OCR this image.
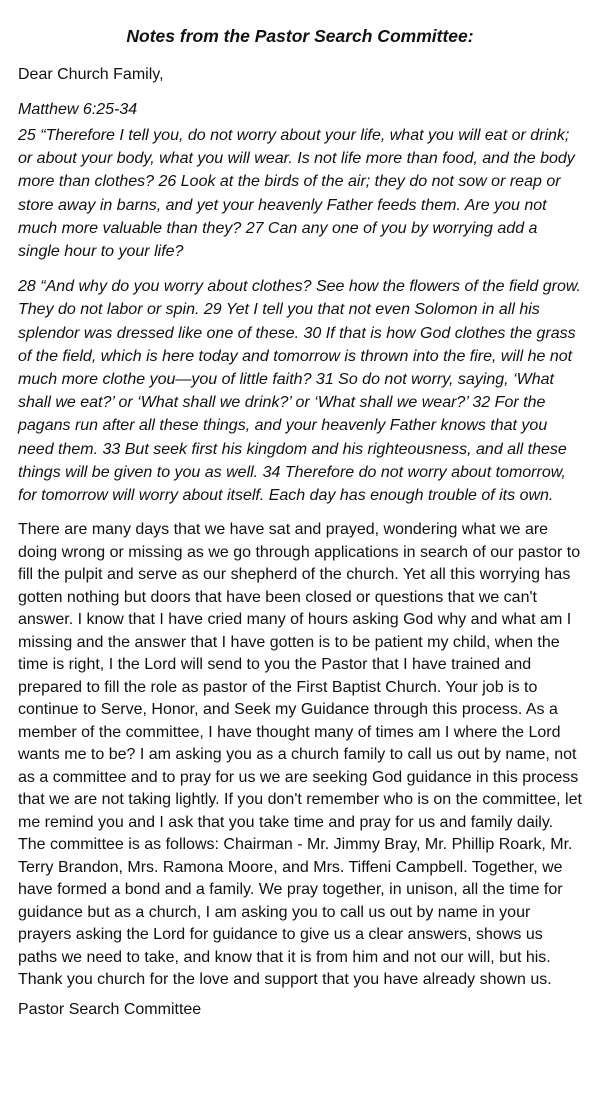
Notes from the Pastor Search Committee:

Dear Church Family,

Matthew 6:25-34

25 “Therefore I tell you, do not worry about your life, what you will eat or drink; or about your body, what you will wear. Is not life more than food, and the body more than clothes? 26 Look at the birds of the air; they do not sow or reap or store away in barns, and yet your heavenly Father feeds them. Are you not much more valuable than they? 27 Can any one of you by worrying add a single hour to your life?

28 “And why do you worry about clothes? See how the flowers of the field grow. They do not labor or spin. 29 Yet I tell you that not even Solomon in all his splendor was dressed like one of these. 30 If that is how God clothes the grass of the field, which is here today and tomorrow is thrown into the fire, will he not much more clothe you—you of little faith? 31 So do not worry, saying, ‘What shall we eat?’ or ‘What shall we drink?’ or ‘What shall we wear?’ 32 For the pagans run after all these things, and your heavenly Father knows that you need them. 33 But seek first his kingdom and his righteousness, and all these things will be given to you as well. 34 Therefore do not worry about tomorrow, for tomorrow will worry about itself. Each day has enough trouble of its own.

There are many days that we have sat and prayed, wondering what we are doing wrong or missing as we go through applications in search of our pastor to fill the pulpit and serve as our shepherd of the church. Yet all this worrying has gotten nothing but doors that have been closed or questions that we can't answer. I know that I have cried many of hours asking God why and what am I missing and the answer that I have gotten is to be patient my child, when the time is right, I the Lord will send to you the Pastor that I have trained and prepared to fill the role as pastor of the First Baptist Church. Your job is to continue to Serve, Honor, and Seek my Guidance through this process. As a member of the committee, I have thought many of times am I where the Lord wants me to be? I am asking you as a church family to call us out by name, not as a committee and to pray for us we are seeking God guidance in this process that we are not taking lightly. If you don't remember who is on the committee, let me remind you and I ask that you take time and pray for us and family daily. The committee is as follows: Chairman - Mr. Jimmy Bray, Mr. Phillip Roark, Mr. Terry Brandon, Mrs. Ramona Moore, and Mrs. Tiffeni Campbell. Together, we have formed a bond and a family. We pray together, in unison, all the time for guidance but as a church, I am asking you to call us out by name in your prayers asking the Lord for guidance to give us a clear answers, shows us paths we need to take, and know that it is from him and not our will, but his. Thank you church for the love and support that you have already shown us.

Pastor Search Committee
